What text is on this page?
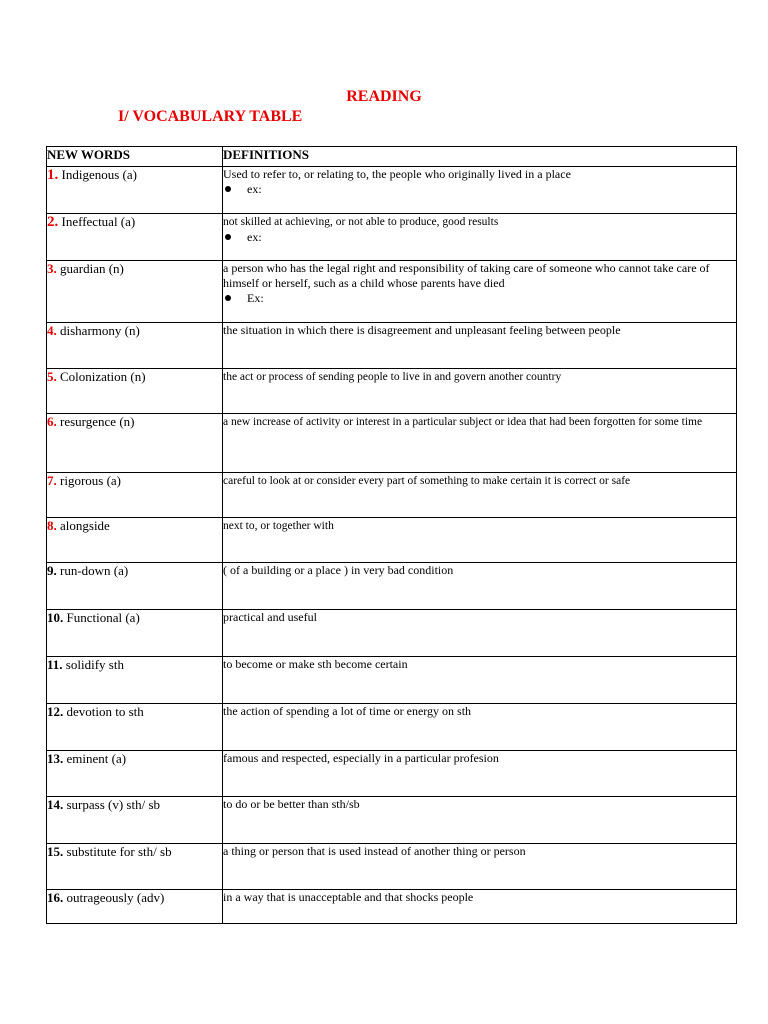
READING
I/ VOCABULARY TABLE
NEW WORDS	DEFINITIONS
1. Indigenous (a)	Used to refer to, or relating to, the people who originally lived in a place
ex:

2. Ineffectual (a)	not skilled at achieving, or not able to produce, good results
ex:

3. guardian (n)	a person who has the legal right and responsibility of taking care of someone who cannot take care of himself or herself, such as a child whose parents have died
Ex:

4. disharmony (n)	the situation in which there is disagreement and unpleasant feeling between people
5. Colonization (n)	the act or process of sending people to live in and govern another country
6. resurgence (n)	a new increase of activity or interest in a particular subject or idea that had been forgotten for some time
7. rigorous (a)	careful to look at or consider every part of something to make certain it is correct or safe
8. alongside	next to, or together with
9. run-down (a)	( of a building or a place ) in very bad condition
10. Functional (a)	practical and useful
11. solidify sth	to become or make sth become certain
12. devotion to sth	the action of spending a lot of time or energy on sth
13. eminent (a)	famous and respected, especially in a particular profesion
14. surpass (v) sth/ sb	to do or be better than sth/sb
15. substitute for sth/ sb	a thing or person that is used instead of another thing or person
16. outrageously (adv)	in a way that is unacceptable and that shocks people
